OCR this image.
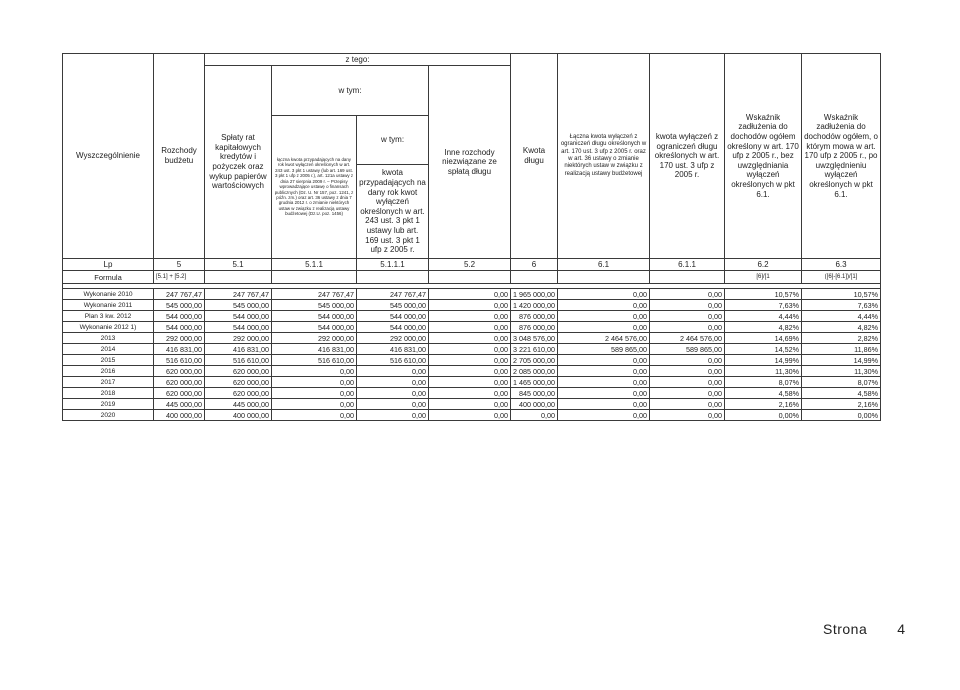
Wyszczególnienie	Rozchody budżetu	z tego:				Kwota długu	Łączna kwota wyłączeń z ograniczeń długu określonych w art. 170 ust. 3 ufp z 2005 r. oraz w art. 36 ustawy o zmianie niektórych ustaw w związku z realizacją ustawy budżetowej	kwota wyłączeń z ograniczeń długu określonych w art. 170 ust. 3 ufp z 2005 r.	Wskaźnik zadłużenia do dochodów ogółem określony w art. 170 ufp z 2005 r., bez uwzględniania wyłączeń określonych w pkt 6.1.	Wskaźnik zadłużenia do dochodów ogółem, o którym mowa w art. 170 ufp z 2005 r., po uwzględnieniu wyłączeń określonych w pkt 6.1.	
		Spłaty rat kapitałowych kredytów i pożyczek oraz wykup papierów wartościowych	w tym:		Inne rozchody niezwiązane ze spłatą długu						
			łączna kwota przypadających na dany rok kwot wyłączeń określonych w art. 243 ust. 3 pkt 1 ustawy (lub art. 169 ust. 3 pkt 1 ufp z 2005 r.), art. 121a ustawy z dnia 27 sierpnia 2009 r. – Przepisy wprowadzające ustawę o finansach publicznych (Dz. U. Nr 157, poz. 1241, z późn. zm.) oraz art. 36 ustawy z dnia 7 grudnia 2012 r. o zmianie niektórych ustaw w związku z realizacją ustawy budżetowej (Dz.U. poz. 1456)	w tym:							
				kwota przypadających na dany rok kwot wyłączeń określonych w art. 243 ust. 3 pkt 1 ustawy lub art. 169 ust. 3 pkt 1 ufp z 2005 r.							
Lp	5	5.1	5.1.1	5.1.1.1	5.2	6	6.1	6.1.1	6.2	6.3	
Formula	[5.1] + [5.2]								[6]/[1	([6]-[6.1])/[1]	

Wykonanie 2010	247 767,47	247 767,47	247 767,47	247 767,47	0,00	1 965 000,00	0,00	0,00	10,57%	10,57%	
Wykonanie 2011	545 000,00	545 000,00	545 000,00	545 000,00	0,00	1 420 000,00	0,00	0,00	7,63%	7,63%	
Plan 3 kw. 2012	544 000,00	544 000,00	544 000,00	544 000,00	0,00	876 000,00	0,00	0,00	4,44%	4,44%	
Wykonanie 2012 1)	544 000,00	544 000,00	544 000,00	544 000,00	0,00	876 000,00	0,00	0,00	4,82%	4,82%	
2013	292 000,00	292 000,00	292 000,00	292 000,00	0,00	3 048 576,00	2 464 576,00	2 464 576,00	14,69%	2,82%	
2014	416 831,00	416 831,00	416 831,00	416 831,00	0,00	3 221 610,00	589 865,00	589 865,00	14,52%	11,86%	
2015	516 610,00	516 610,00	516 610,00	516 610,00	0,00	2 705 000,00	0,00	0,00	14,99%	14,99%	
2016	620 000,00	620 000,00	0,00	0,00	0,00	2 085 000,00	0,00	0,00	11,30%	11,30%	
2017	620 000,00	620 000,00	0,00	0,00	0,00	1 465 000,00	0,00	0,00	8,07%	8,07%	
2018	620 000,00	620 000,00	0,00	0,00	0,00	845 000,00	0,00	0,00	4,58%	4,58%	
2019	445 000,00	445 000,00	0,00	0,00	0,00	400 000,00	0,00	0,00	2,16%	2,16%	
2020	400 000,00	400 000,00	0,00	0,00	0,00	0,00	0,00	0,00	0,00%	0,00%	
Strona 4
